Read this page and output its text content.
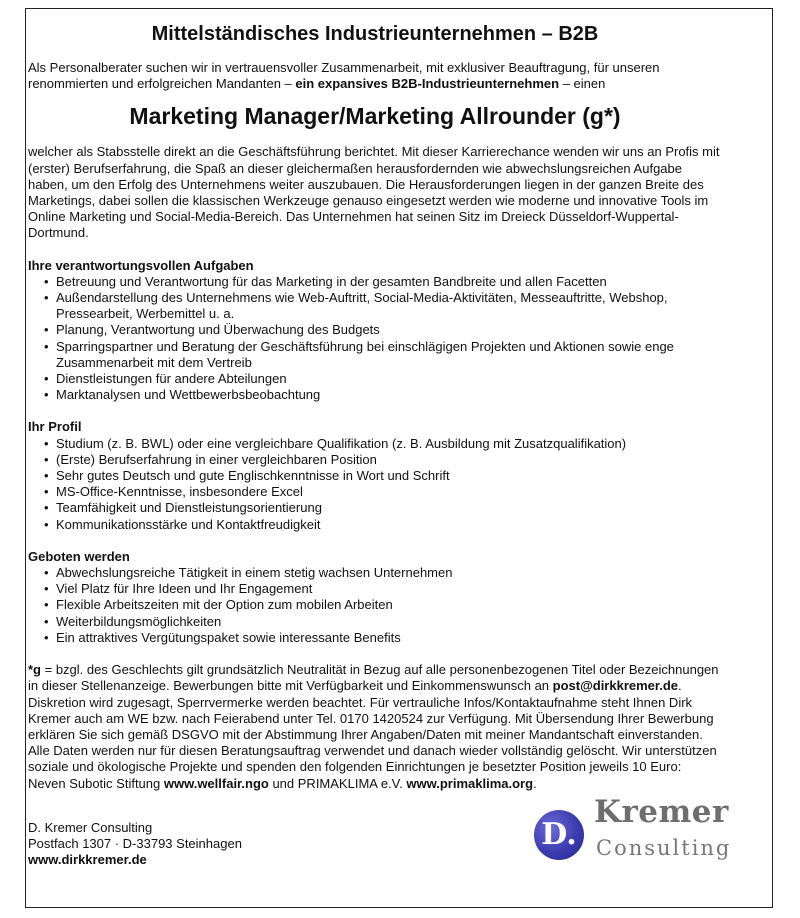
Mittelständisches Industrieunternehmen – B2B

Als Personalberater suchen wir in vertrauensvoller Zusammenarbeit, mit exklusiver Beauftragung, für unseren renommierten und erfolgreichen Mandanten – ein expansives B2B-Industrieunternehmen – einen

Marketing Manager/Marketing Allrounder (g*)

welcher als Stabsstelle direkt an die Geschäftsführung berichtet. Mit dieser Karrierechance wenden wir uns an Profis mit (erster) Berufserfahrung, die Spaß an dieser gleichermaßen herausfordernden wie abwechslungsreichen Aufgabe haben, um den Erfolg des Unternehmens weiter auszubauen. Die Herausforderungen liegen in der ganzen Breite des Marketings, dabei sollen die klassischen Werkzeuge genauso eingesetzt werden wie moderne und innovative Tools im Online Marketing und Social-Media-Bereich. Das Unternehmen hat seinen Sitz im Dreieck Düsseldorf-Wuppertal-Dortmund.

Ihre verantwortungsvollen Aufgaben

• Betreuung und Verantwortung für das Marketing in der gesamten Bandbreite und allen Facetten
• Außendarstellung des Unternehmens wie Web-Auftritt, Social-Media-Aktivitäten, Messeauftritte, Webshop, Pressearbeit, Werbemittel u. a.
• Planung, Verantwortung und Überwachung des Budgets
• Sparringspartner und Beratung der Geschäftsführung bei einschlägigen Projekten und Aktionen sowie enge Zusammenarbeit mit dem Vertreib
• Dienstleistungen für andere Abteilungen
• Marktanalysen und Wettbewerbsbeobachtung

Ihr Profil

• Studium (z. B. BWL) oder eine vergleichbare Qualifikation (z. B. Ausbildung mit Zusatzqualifikation)
• (Erste) Berufserfahrung in einer vergleichbaren Position
• Sehr gutes Deutsch und gute Englischkenntnisse in Wort und Schrift
• MS-Office-Kenntnisse, insbesondere Excel
• Teamfähigkeit und Dienstleistungsorientierung
• Kommunikationsstärke und Kontaktfreudigkeit

Geboten werden

• Abwechslungsreiche Tätigkeit in einem stetig wachsen Unternehmen
• Viel Platz für Ihre Ideen und Ihr Engagement
• Flexible Arbeitszeiten mit der Option zum mobilen Arbeiten
• Weiterbildungsmöglichkeiten
• Ein attraktives Vergütungspaket sowie interessante Benefits

*g = bzgl. des Geschlechts gilt grundsätzlich Neutralität in Bezug auf alle personenbezogenen Titel oder Bezeichnungen in dieser Stellenanzeige. Bewerbungen bitte mit Verfügbarkeit und Einkommenswunsch an post@dirkkremer.de. Diskretion wird zugesagt, Sperrvermerke werden beachtet. Für vertrauliche Infos/Kontaktaufnahme steht Ihnen Dirk Kremer auch am WE bzw. nach Feierabend unter Tel. 0170 1420524 zur Verfügung. Mit Übersendung Ihrer Bewerbung erklären Sie sich gemäß DSGVO mit der Abstimmung Ihrer Angaben/Daten mit meiner Mandantschaft einverstanden. Alle Daten werden nur für diesen Beratungsauftrag verwendet und danach wieder vollständig gelöscht. Wir unterstützen soziale und ökologische Projekte und spenden den folgenden Einrichtungen je besetzter Position jeweils 10 Euro: Neven Subotic Stiftung www.wellfair.ngo und PRIMAKLIMA e.V. www.primaklima.org.

D. Kremer Consulting

Postfach 1307 · D-33793 Steinhagen

www.dirkkremer.de

D.
Kremer
Consulting
